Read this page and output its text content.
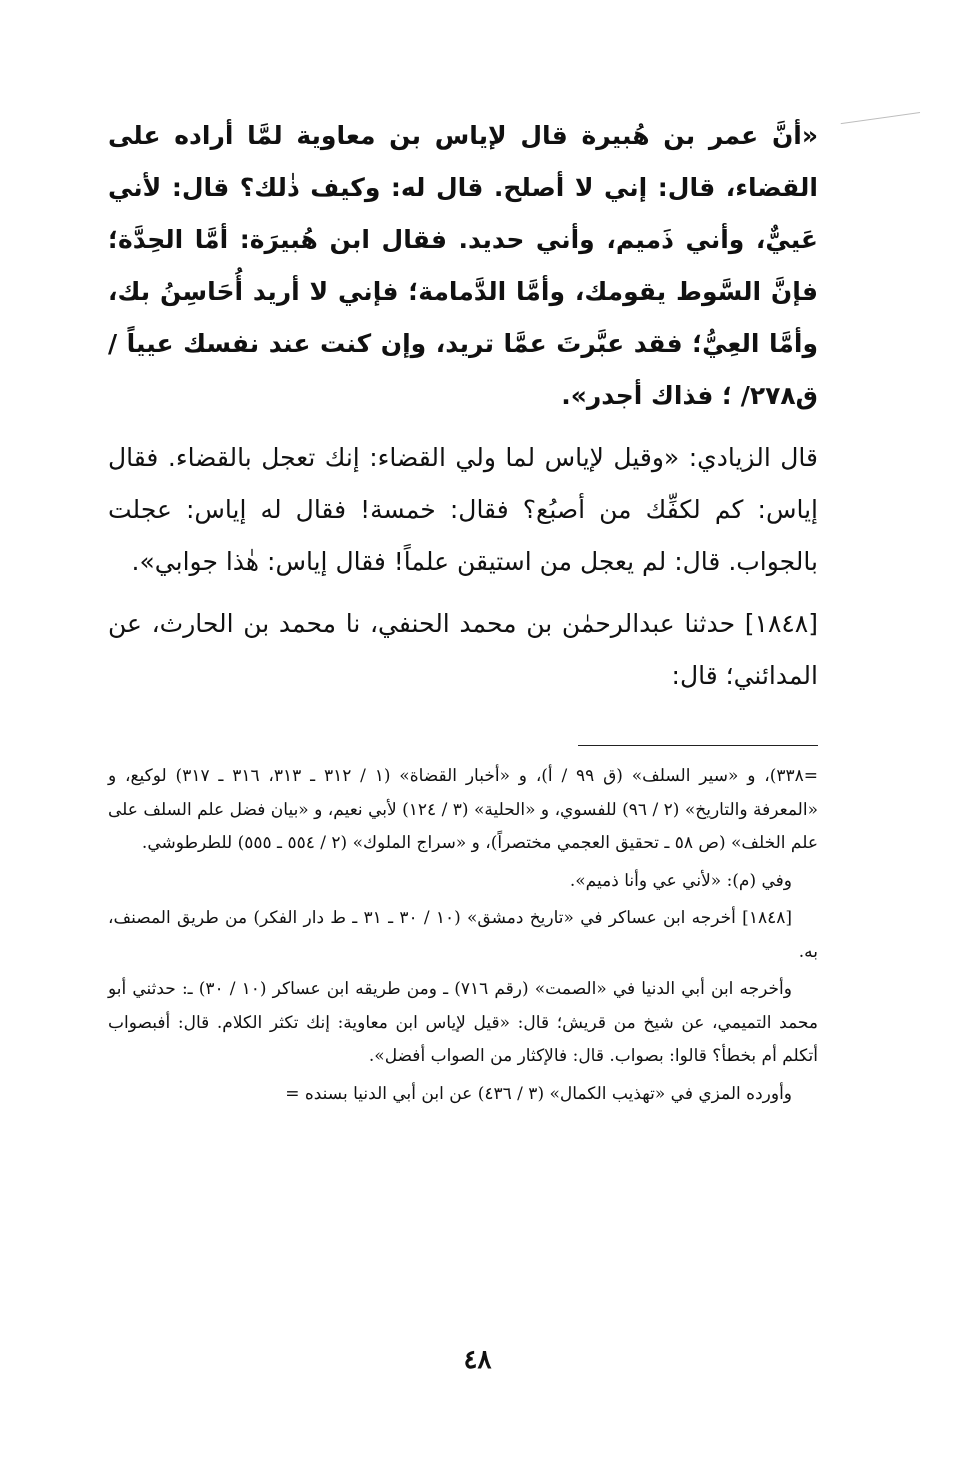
«أنَّ عمر بن هُبيرة قال لإياس بن معاوية لمَّا أراده على القضاء، قال: إني لا أصلح. قال له: وكيف ذٰلك؟ قال: لأني عَييٌّ، وأني ذَميم، وأني حديد. فقال ابن هُبيرَة: أمَّا الحِدَّة؛ فإنَّ السَّوط يقومك، وأمَّا الدَّمامة؛ فإني لا أريد أُحَاسِنُ بك، وأمَّا العِيُّ؛ فقد عبَّرتَ عمَّا تريد، وإن كنت عند نفسك عيياً / ق٢٧٨/ ؛ فذاك أجدر».

قال الزيادي: «وقيل لإياس لما ولي القضاء: إنك تعجل بالقضاء. فقال إياس: كم لكفِّك من أصبُع؟ فقال: خمسة! فقال له إياس: عجلت بالجواب. قال: لم يعجل من استيقن علماً! فقال إياس: هٰذا جوابي».

[١٨٤٨] حدثنا عبدالرحمٰن بن محمد الحنفي، نا محمد بن الحارث، عن المدائني؛ قال:

=٣٣٨)، و «سير السلف» (ق ٩٩ / أ)، و «أخبار القضاة» (١ / ٣١٢ ـ ٣١٣، ٣١٦ ـ ٣١٧) لوكيع، و «المعرفة والتاريخ» (٢ / ٩٦) للفسوي، و «الحلية» (٣ / ١٢٤) لأبي نعيم، و «بيان فضل علم السلف على علم الخلف» (ص ٥٨ ـ تحقيق العجمي مختصراً)، و «سراج الملوك» (٢ / ٥٥٤ ـ ٥٥٥) للطرطوشي.

وفي (م): «لأني عي وأنا ذميم».

[١٨٤٨] أخرجه ابن عساكر في «تاريخ دمشق» (١٠ / ٣٠ ـ ٣١ ـ ط دار الفكر) من طريق المصنف، به.

وأخرجه ابن أبي الدنيا في «الصمت» (رقم ٧١٦) ـ ومن طريقه ابن عساكر (١٠ / ٣٠) ـ: حدثني أبو محمد التميمي، عن شيخ من قريش؛ قال: «قيل لإياس ابن معاوية: إنك تكثر الكلام. قال: أفبصواب أتكلم أم بخطأ؟ قالوا: بصواب. قال: فالإكثار من الصواب أفضل».

وأورده المزي في «تهذيب الكمال» (٣ / ٤٣٦) عن ابن أبي الدنيا بسنده =

٤٨
